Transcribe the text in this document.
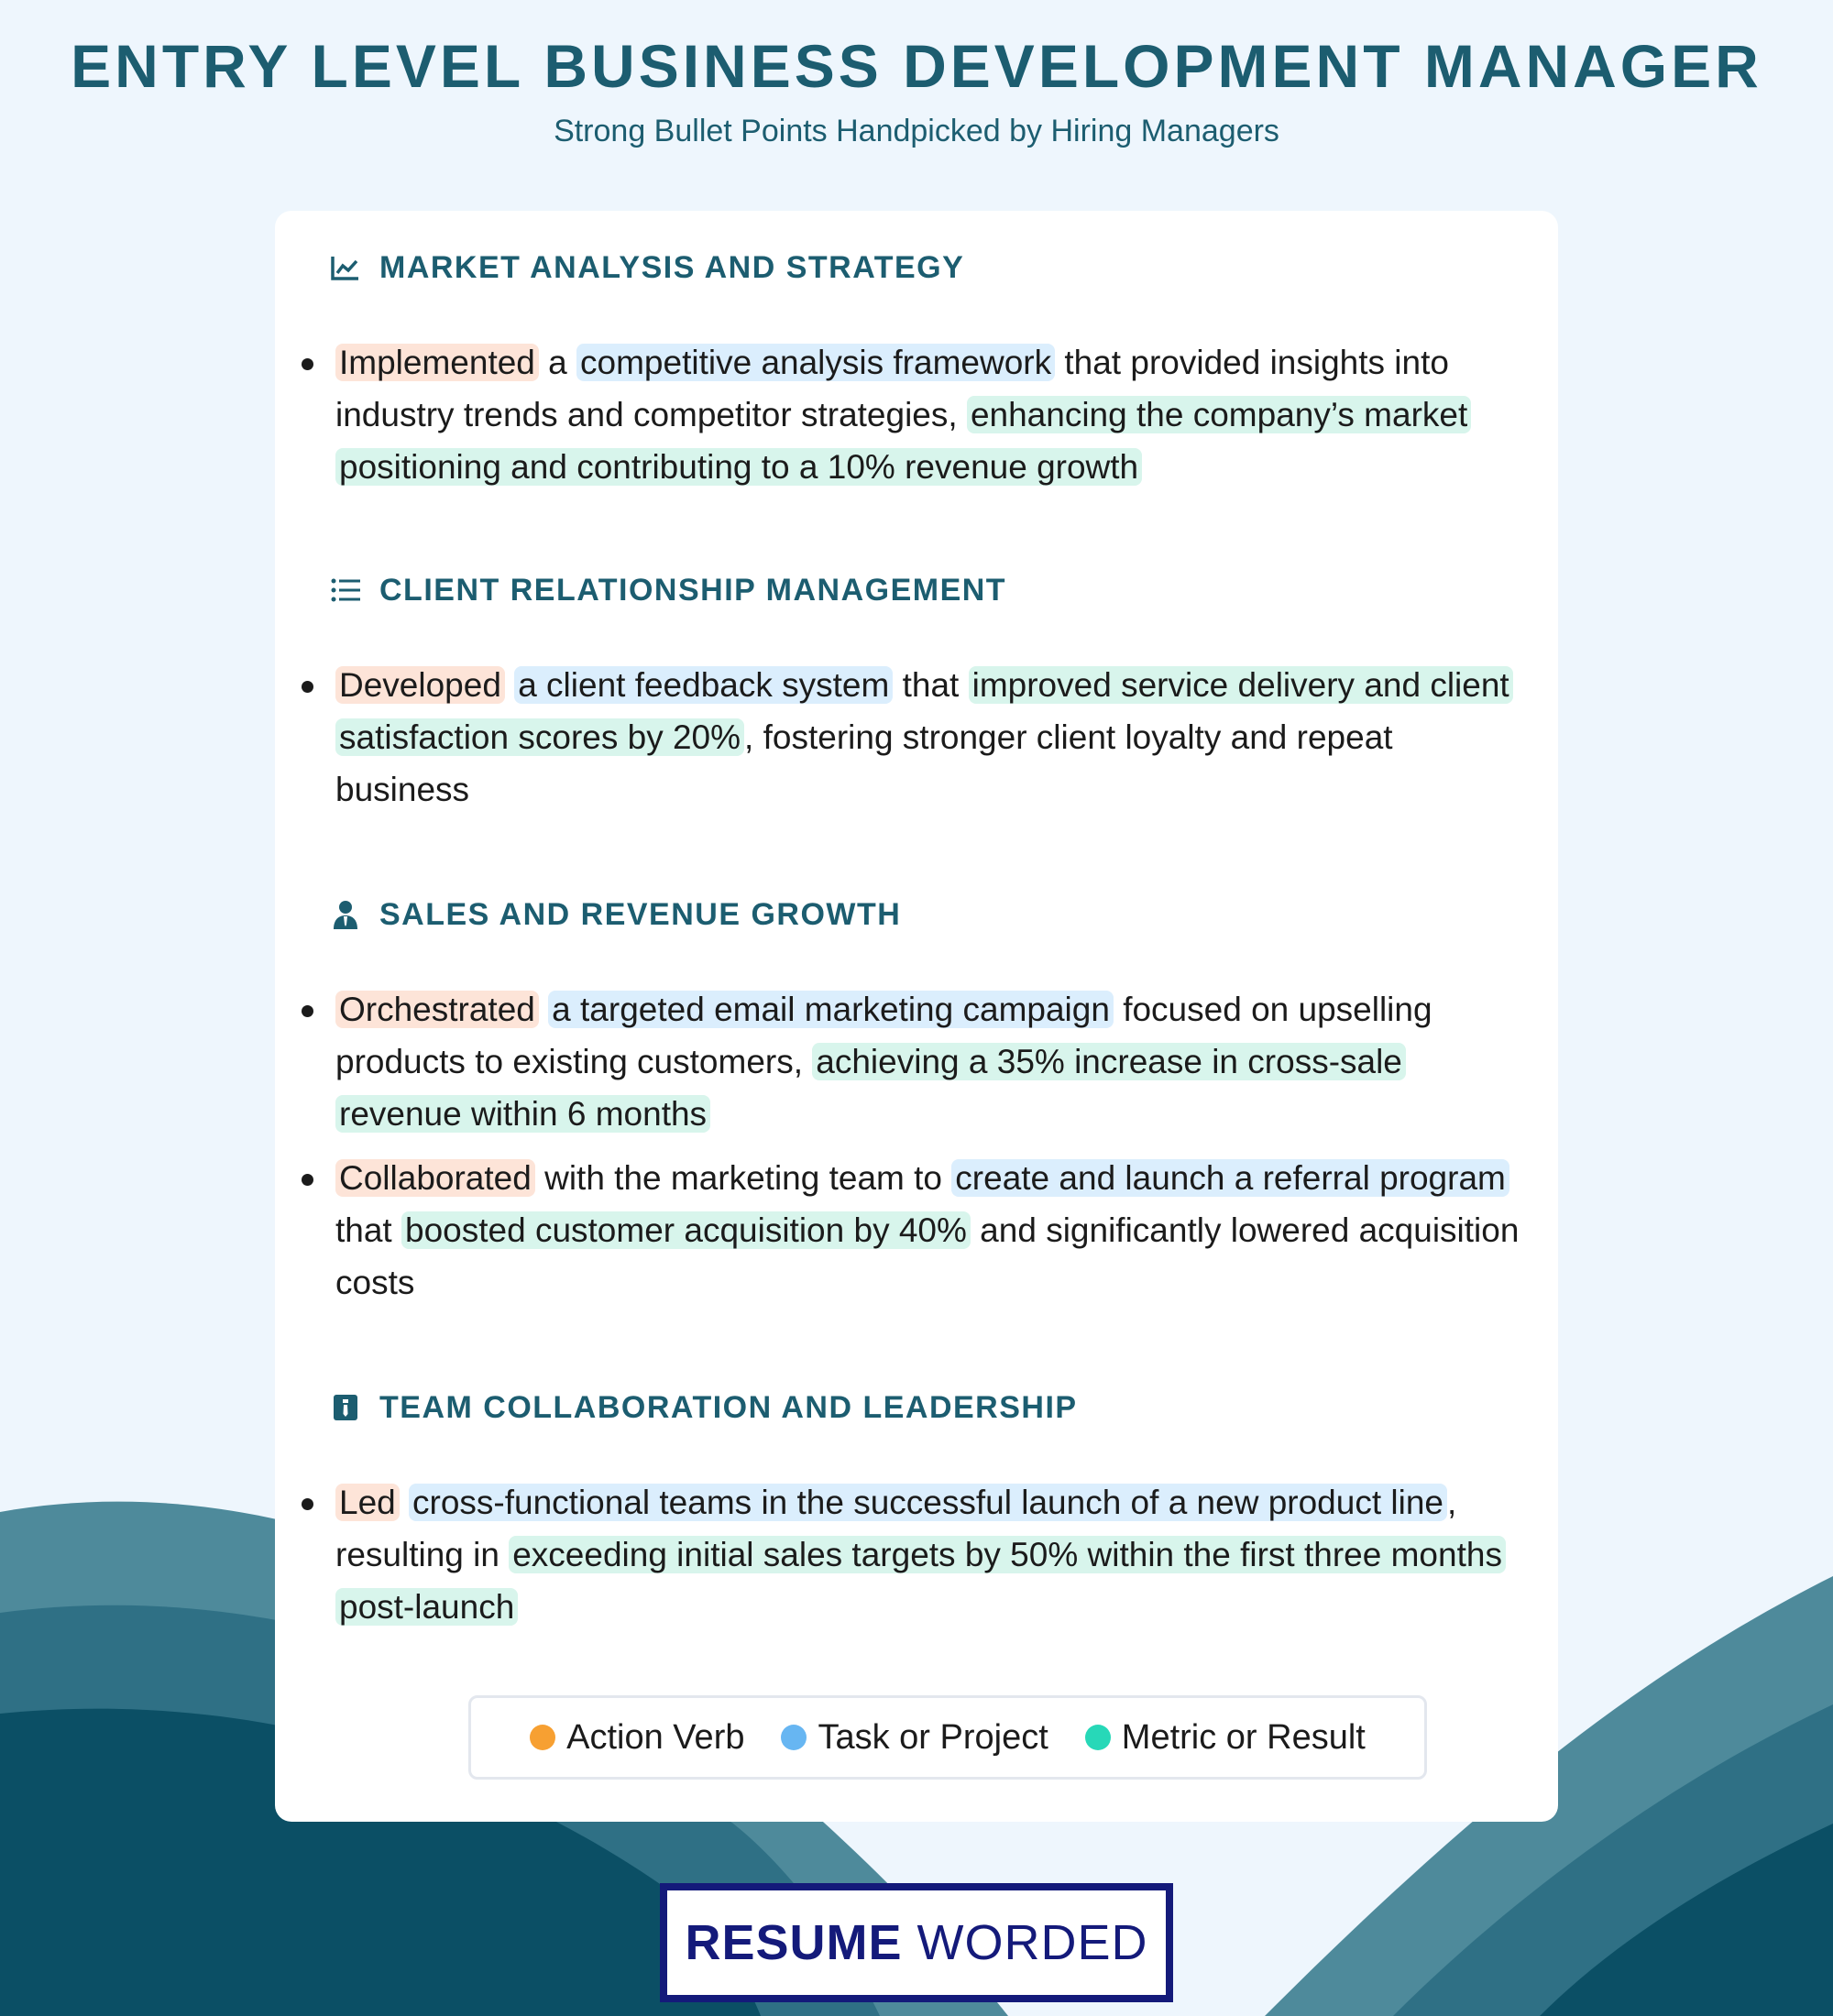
ENTRY LEVEL BUSINESS DEVELOPMENT MANAGER

Strong Bullet Points Handpicked by Hiring Managers

MARKET ANALYSIS AND STRATEGY
Implemented a competitive analysis framework that provided insights into industry trends and competitor strategies, enhancing the company’s market positioning and contributing to a 10% revenue growth
CLIENT RELATIONSHIP MANAGEMENT
Developed a client feedback system that improved service delivery and client satisfaction scores by 20% , fostering stronger client loyalty and repeat business
SALES AND REVENUE GROWTH
Orchestrated a targeted email marketing campaign focused on upselling products to existing customers, achieving a 35% increase in cross-sale revenue within 6 months
Collaborated with the marketing team to create and launch a referral program that boosted customer acquisition by 40% and significantly lowered acquisition costs
TEAM COLLABORATION AND LEADERSHIP
Led cross-functional teams in the successful launch of a new product line , resulting in exceeding initial sales targets by 50% within the first three months post-launch
Action Verb Task or Project Metric or Result
RESUME WORDED
